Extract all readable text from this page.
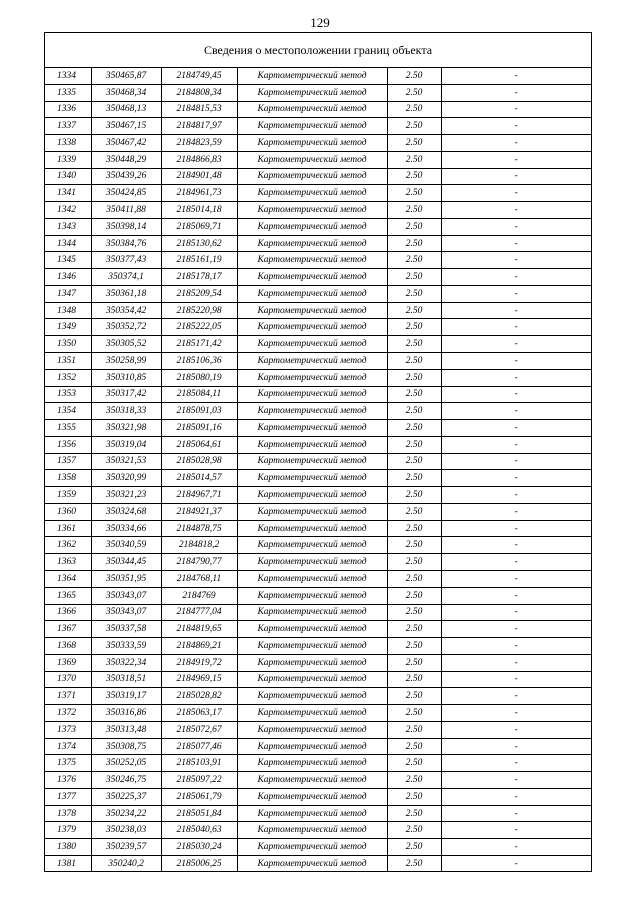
129
Сведения о местоположении границ объекта
1334	350465,87	2184749,45	Картометрический метод	2.50	-
1335	350468,34	2184808,34	Картометрический метод	2.50	-
1336	350468,13	2184815,53	Картометрический метод	2.50	-
1337	350467,15	2184817,97	Картометрический метод	2.50	-
1338	350467,42	2184823,59	Картометрический метод	2.50	-
1339	350448,29	2184866,83	Картометрический метод	2.50	-
1340	350439,26	2184901,48	Картометрический метод	2.50	-
1341	350424,85	2184961,73	Картометрический метод	2.50	-
1342	350411,88	2185014,18	Картометрический метод	2.50	-
1343	350398,14	2185069,71	Картометрический метод	2.50	-
1344	350384,76	2185130,62	Картометрический метод	2.50	-
1345	350377,43	2185161,19	Картометрический метод	2.50	-
1346	350374,1	2185178,17	Картометрический метод	2.50	-
1347	350361,18	2185209,54	Картометрический метод	2.50	-
1348	350354,42	2185220,98	Картометрический метод	2.50	-
1349	350352,72	2185222,05	Картометрический метод	2.50	-
1350	350305,52	2185171,42	Картометрический метод	2.50	-
1351	350258,99	2185106,36	Картометрический метод	2.50	-
1352	350310,85	2185080,19	Картометрический метод	2.50	-
1353	350317,42	2185084,11	Картометрический метод	2.50	-
1354	350318,33	2185091,03	Картометрический метод	2.50	-
1355	350321,98	2185091,16	Картометрический метод	2.50	-
1356	350319,04	2185064,61	Картометрический метод	2.50	-
1357	350321,53	2185028,98	Картометрический метод	2.50	-
1358	350320,99	2185014,57	Картометрический метод	2.50	-
1359	350321,23	2184967,71	Картометрический метод	2.50	-
1360	350324,68	2184921,37	Картометрический метод	2.50	-
1361	350334,66	2184878,75	Картометрический метод	2.50	-
1362	350340,59	2184818,2	Картометрический метод	2.50	-
1363	350344,45	2184790,77	Картометрический метод	2.50	-
1364	350351,95	2184768,11	Картометрический метод	2.50	-
1365	350343,07	2184769	Картометрический метод	2.50	-
1366	350343,07	2184777,04	Картометрический метод	2.50	-
1367	350337,58	2184819,65	Картометрический метод	2.50	-
1368	350333,59	2184869,21	Картометрический метод	2.50	-
1369	350322,34	2184919,72	Картометрический метод	2.50	-
1370	350318,51	2184969,15	Картометрический метод	2.50	-
1371	350319,17	2185028,82	Картометрический метод	2.50	-
1372	350316,86	2185063,17	Картометрический метод	2.50	-
1373	350313,48	2185072,67	Картометрический метод	2.50	-
1374	350308,75	2185077,46	Картометрический метод	2.50	-
1375	350252,05	2185103,91	Картометрический метод	2.50	-
1376	350246,75	2185097,22	Картометрический метод	2.50	-
1377	350225,37	2185061,79	Картометрический метод	2.50	-
1378	350234,22	2185051,84	Картометрический метод	2.50	-
1379	350238,03	2185040,63	Картометрический метод	2.50	-
1380	350239,57	2185030,24	Картометрический метод	2.50	-
1381	350240,2	2185006,25	Картометрический метод	2.50	-
